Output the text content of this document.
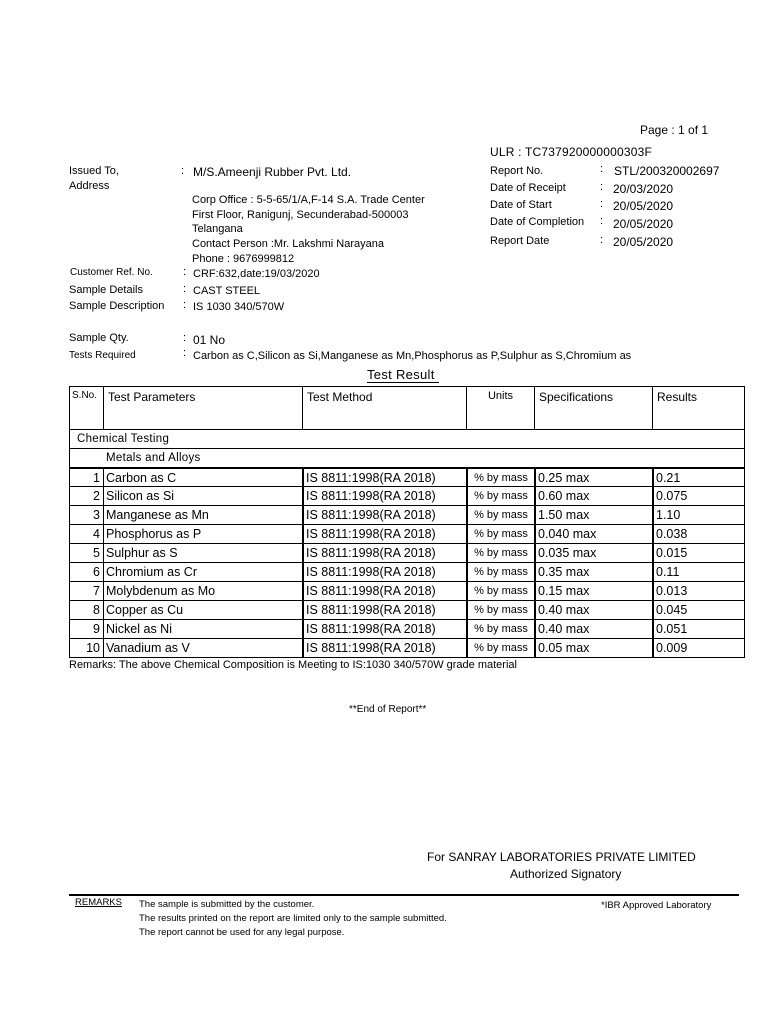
Page : 1 of 1
ULR : TC737920000000303F
Issued To,
Address
: M/S.Ameenji Rubber Pvt. Ltd.
Corp Office : 5-5-65/1/A,F-14 S.A. Trade Center
First Floor, Ranigunj, Secunderabad-500003
Telangana
Contact Person :Mr. Lakshmi Narayana
Phone : 9676999812
Report No.	: STL/200320002697
Date of Receipt	: 20/03/2020
Date of Start	: 20/05/2020
Date of Completion : 20/05/2020
Report Date	: 20/05/2020
Customer Ref. No.	: CRF:632,date:19/03/2020
Sample Details	: CAST STEEL
Sample Description : IS 1030 340/570W
Sample Qty.	: 01 No
Tests Required	: Carbon as C,Silicon as Si,Manganese as Mn,Phosphorus as P,Sulphur as S,Chromium as
Test Result
S.No. Test Parameters	Test Method	Units	Specifications	Results
Chemical Testing
Metals and Alloys
1 Carbon as C	IS 8811:1998(RA 2018)	% by mass 0.25 max	0.21
2 Silicon as Si	IS 8811:1998(RA 2018)	% by mass 0.60 max	0.075
3 Manganese as Mn	IS 8811:1998(RA 2018)	% by mass 1.50 max	1.10
4 Phosphorus as P	IS 8811:1998(RA 2018)	% by mass 0.040 max	0.038
5 Sulphur as S	IS 8811:1998(RA 2018)	% by mass 0.035 max	0.015
6 Chromium as Cr	IS 8811:1998(RA 2018)	% by mass 0.35 max	0.11
7 Molybdenum as Mo	IS 8811:1998(RA 2018)	% by mass 0.15 max	0.013
8 Copper as Cu	IS 8811:1998(RA 2018)	% by mass 0.40 max	0.045
9 Nickel as Ni	IS 8811:1998(RA 2018)	% by mass 0.40 max	0.051
10 Vanadium as V	IS 8811:1998(RA 2018)	% by mass 0.05 max	0.009
Remarks: The above Chemical Composition is Meeting to IS:1030 340/570W grade material
**End of Report**
For SANRAY LABORATORIES PRIVATE LIMITED
Authorized Signatory
REMARKS The sample is submitted by the customer.
The results printed on the report are limited only to the sample submitted.
The report cannot be used for any legal purpose.
*IBR Approved Laboratory
